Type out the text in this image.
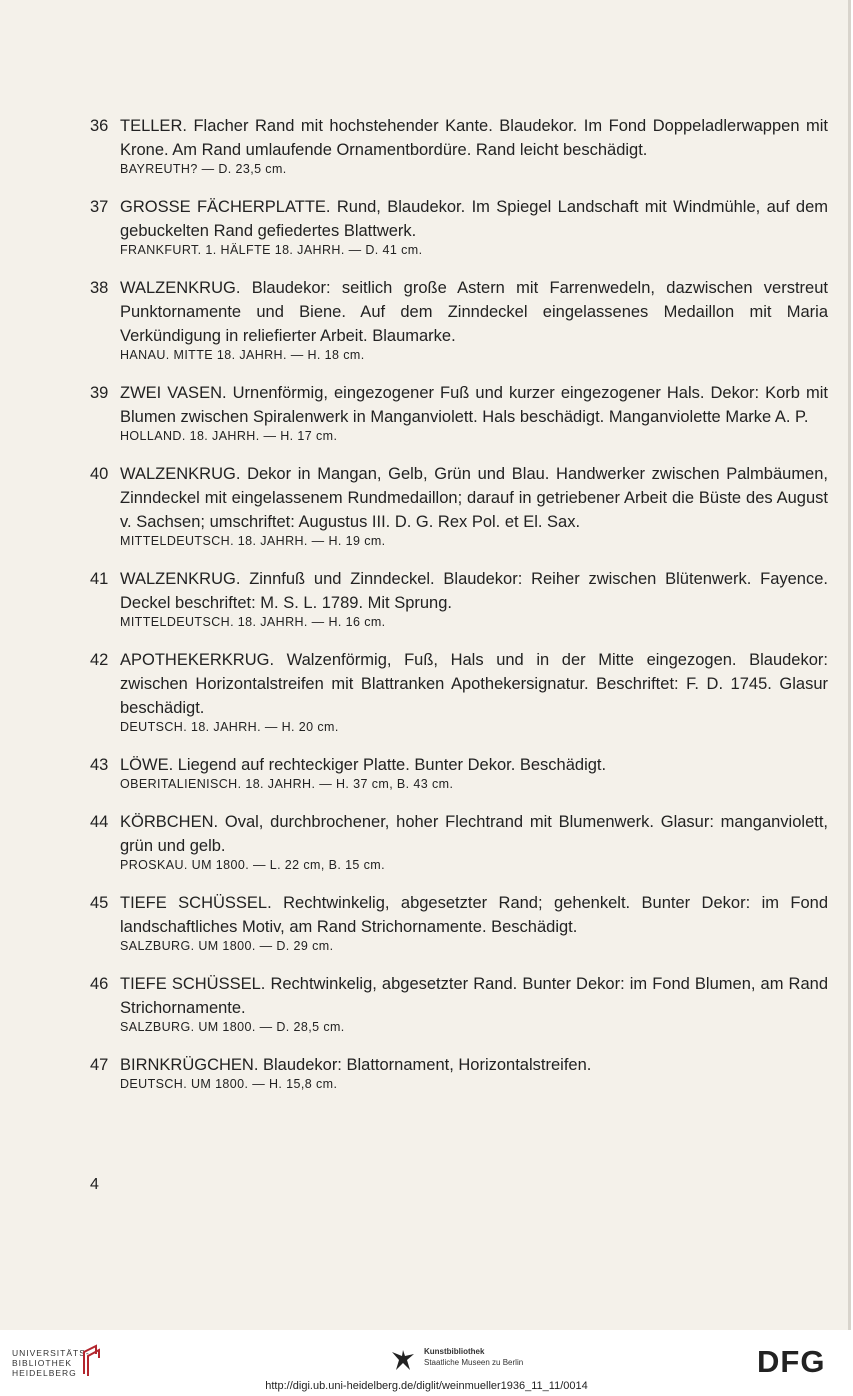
36 TELLER. Flacher Rand mit hochstehender Kante. Blaudekor. Im Fond Doppeladlerwappen mit Krone. Am Rand umlaufende Ornamentbordüre. Rand leicht beschädigt.
BAYREUTH? — D. 23,5 cm.
37 GROSSE FÄCHERPLATTE. Rund, Blaudekor. Im Spiegel Landschaft mit Windmühle, auf dem gebuckelten Rand gefiedertes Blattwerk.
FRANKFURT. 1. HÄLFTE 18. JAHRH. — D. 41 cm.
38 WALZENKRUG. Blaudekor: seitlich große Astern mit Farrenwedeln, dazwischen verstreut Punktornamente und Biene. Auf dem Zinndeckel eingelassenes Medaillon mit Maria Verkündigung in reliefierter Arbeit. Blaumarke.
HANAU. MITTE 18. JAHRH. — H. 18 cm.
39 ZWEI VASEN. Urnenförmig, eingezogener Fuß und kurzer eingezogener Hals. Dekor: Korb mit Blumen zwischen Spiralenwerk in Manganviolett. Hals beschädigt. Manganviolette Marke A. P.
HOLLAND. 18. JAHRH. — H. 17 cm.
40 WALZENKRUG. Dekor in Mangan, Gelb, Grün und Blau. Handwerker zwischen Palmbäumen, Zinndeckel mit eingelassenem Rundmedaillon; darauf in getriebener Arbeit die Büste des August v. Sachsen; umschriftet: Augustus III. D. G. Rex Pol. et El. Sax.
MITTELDEUTSCH. 18. JAHRH. — H. 19 cm.
41 WALZENKRUG. Zinnfuß und Zinndeckel. Blaudekor: Reiher zwischen Blütenwerk. Fayence. Deckel beschriftet: M. S. L. 1789. Mit Sprung.
MITTELDEUTSCH. 18. JAHRH. — H. 16 cm.
42 APOTHEKERKRUG. Walzenförmig, Fuß, Hals und in der Mitte eingezogen. Blaudekor: zwischen Horizontalstreifen mit Blattranken Apothekersignatur. Beschriftet: F. D. 1745. Glasur beschädigt.
DEUTSCH. 18. JAHRH. — H. 20 cm.
43 LÖWE. Liegend auf rechteckiger Platte. Bunter Dekor. Beschädigt.
OBERITALIENISCH. 18. JAHRH. — H. 37 cm, B. 43 cm.
44 KÖRBCHEN. Oval, durchbrochener, hoher Flechtrand mit Blumenwerk. Glasur: manganviolett, grün und gelb.
PROSKAU. UM 1800. — L. 22 cm, B. 15 cm.
45 TIEFE SCHÜSSEL. Rechtwinkelig, abgesetzter Rand; gehenkelt. Bunter Dekor: im Fond landschaftliches Motiv, am Rand Strichornamente. Beschädigt.
SALZBURG. UM 1800. — D. 29 cm.
46 TIEFE SCHÜSSEL. Rechtwinkelig, abgesetzter Rand. Bunter Dekor: im Fond Blumen, am Rand Strichornamente.
SALZBURG. UM 1800. — D. 28,5 cm.
47 BIRNKRÜGCHEN. Blaudekor: Blattornament, Horizontalstreifen.
DEUTSCH. UM 1800. — H. 15,8 cm.
4
UNIVERSITÄTS-
BIBLIOTHEK
HEIDELBERG
Kunstbibliothek
Staatliche Museen zu Berlin	DFG
http://digi.ub.uni-heidelberg.de/diglit/weinmueller1936_11_11/0014
